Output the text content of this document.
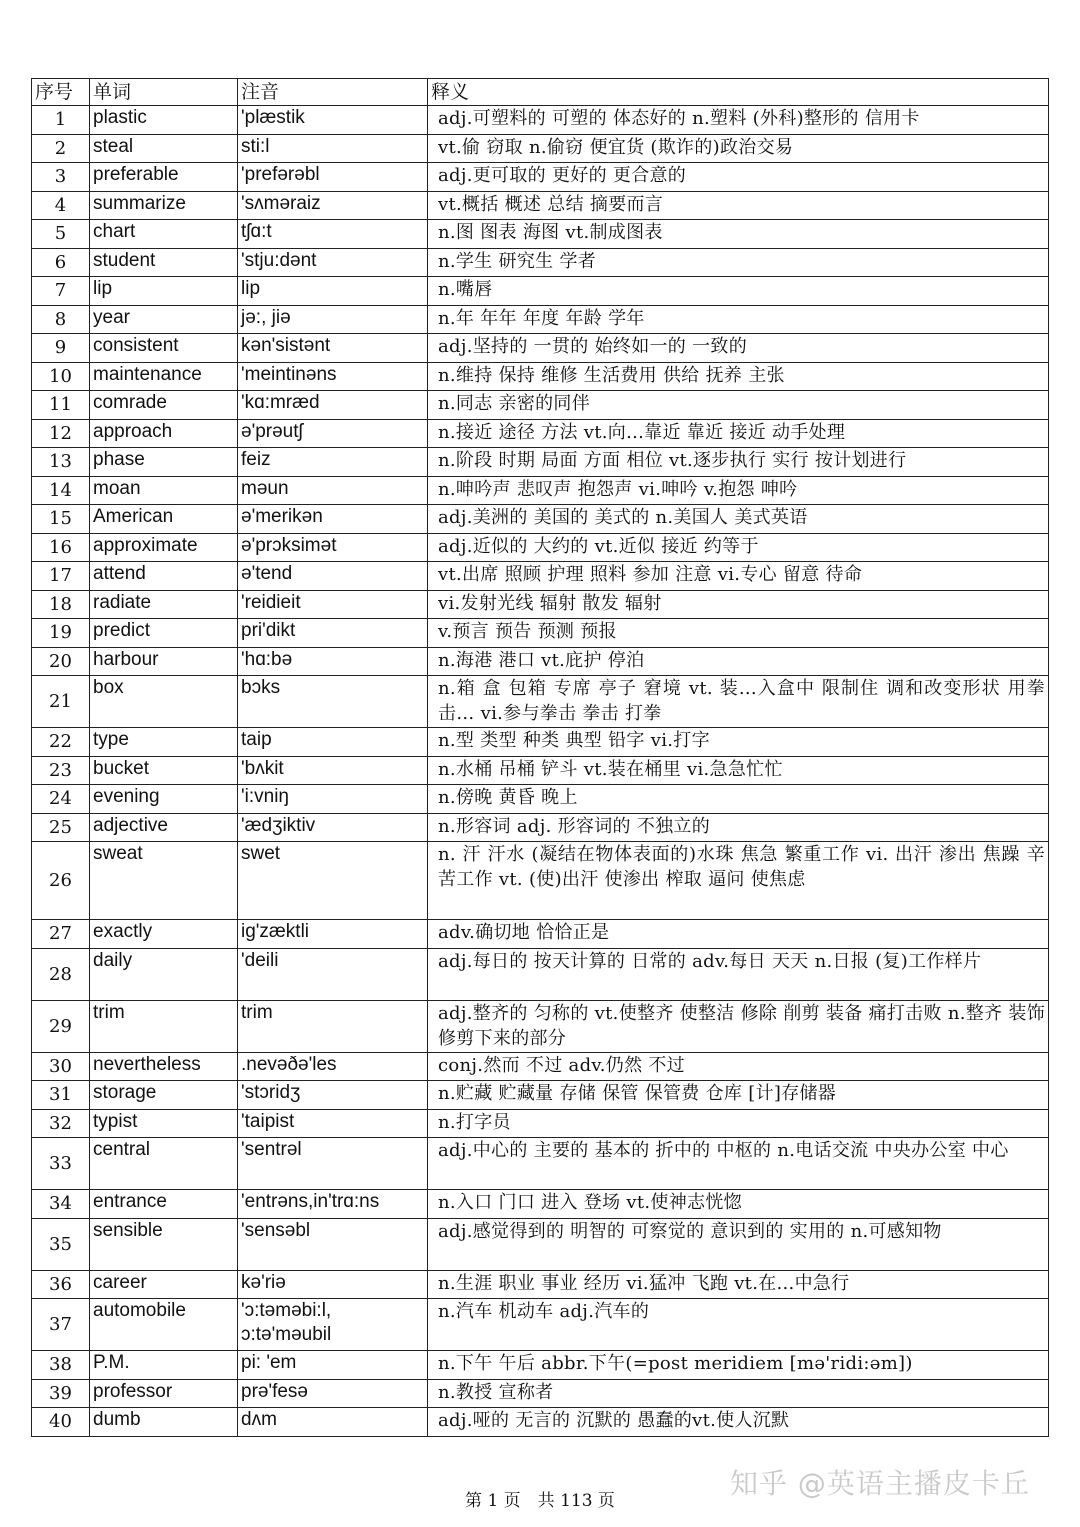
序号	单词	注音	释义
1	plastic	'plæstik	adj.可塑料的 可塑的 体态好的 n.塑料 (外科)整形的 信用卡
2	steal	sti:l	vt.偷 窃取 n.偷窃 便宜货 (欺诈的)政治交易
3	preferable	'prefərəbl	adj.更可取的 更好的 更合意的
4	summarize	'sʌməraiz	vt.概括 概述 总结 摘要而言
5	chart	tʃɑ:t	n.图 图表 海图 vt.制成图表
6	student	'stju:dənt	n.学生 研究生 学者
7	lip	lip	n.嘴唇
8	year	jə:, jiə	n.年 年年 年度 年龄 学年
9	consistent	kən'sistənt	adj.坚持的 一贯的 始终如一的 一致的
10	maintenance	'meintinəns	n.维持 保持 维修 生活费用 供给 抚养 主张
11	comrade	'kɑ:mræd	n.同志 亲密的同伴
12	approach	ə'prəutʃ	n.接近 途径 方法 vt.向...靠近 靠近 接近 动手处理
13	phase	feiz	n.阶段 时期 局面 方面 相位 vt.逐步执行 实行 按计划进行
14	moan	məun	n.呻吟声 悲叹声 抱怨声 vi.呻吟 v.抱怨 呻吟
15	American	ə'merikən	adj.美洲的 美国的 美式的 n.美国人 美式英语
16	approximate	ə'prɔksimət	adj.近似的 大约的 vt.近似 接近 约等于
17	attend	ə'tend	vt.出席 照顾 护理 照料 参加 注意 vi.专心 留意 待命
18	radiate	'reidieit	vi.发射光线 辐射 散发 辐射
19	predict	pri'dikt	v.预言 预告 预测 预报
20	harbour	'hɑ:bə	n.海港 港口 vt.庇护 停泊
21	box	bɔks	n.箱 盒 包箱 专席 亭子 窘境 vt. 装...入盒中 限制住 调和改变形状 用拳击… vi.参与拳击 拳击 打拳
22	type	taip	n.型 类型 种类 典型 铅字 vi.打字
23	bucket	'bʌkit	n.水桶 吊桶 铲斗 vt.装在桶里 vi.急急忙忙
24	evening	'i:vniŋ	n.傍晚 黄昏 晚上
25	adjective	'ædʒiktiv	n.形容词 adj. 形容词的 不独立的
26	sweat	swet	n. 汗 汗水 (凝结在物体表面的)水珠 焦急 繁重工作 vi. 出汗 渗出 焦躁 辛苦工作 vt. (使)出汗 使渗出 榨取 逼问 使焦虑
27	exactly	ig'zæktli	adv.确切地 恰恰正是
28	daily	'deili	adj.每日的 按天计算的 日常的 adv.每日 天天 n.日报 (复)工作样片
29	trim	trim	adj.整齐的 匀称的 vt.使整齐 使整洁 修除 削剪 装备 痛打击败 n.整齐 装饰 修剪下来的部分
30	nevertheless	.nevəðə'les	conj.然而 不过 adv.仍然 不过
31	storage	'stɔridʒ	n.贮藏 贮藏量 存储 保管 保管费 仓库 [计]存储器
32	typist	'taipist	n.打字员
33	central	'sentrəl	adj.中心的 主要的 基本的 折中的 中枢的 n.电话交流 中央办公室 中心
34	entrance	'entrəns,in'trɑ:ns	n.入口 门口 进入 登场 vt.使神志恍惚
35	sensible	'sensəbl	adj.感觉得到的 明智的 可察觉的 意识到的 实用的 n.可感知物
36	career	kə'riə	n.生涯 职业 事业 经历 vi.猛冲 飞跑 vt.在...中急行
37	automobile	'ɔ:təməbi:l, ɔ:tə'məubil	n.汽车 机动车 adj.汽车的
38	P.M.	pi: 'em	n.下午 午后 abbr.下午(=post meridiem [mə'ridi:əm])
39	professor	prə'fesə	n.教授 宣称者
40	dumb	dʌm	adj.哑的 无言的 沉默的 愚蠢的vt.使人沉默
知乎 @英语主播皮卡丘
第 1 页　共 113 页
